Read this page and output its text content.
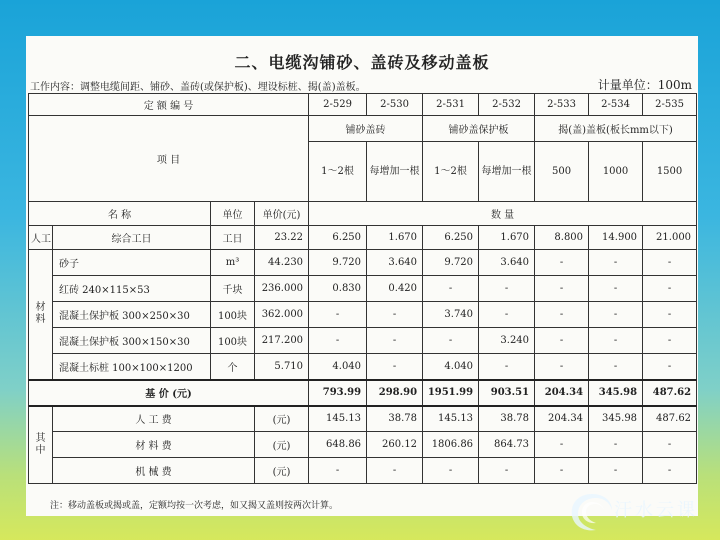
二、电缆沟铺砂、盖砖及移动盖板
工作内容：调整电缆间距、铺砂、盖砖(或保护板)、埋设标桩、揭(盖)盖板。	计量单位：100m
定 额 编 号				2-529	2-530	2-531	2-532	2-533	2-534	2-535
项 目				铺砂盖砖		铺砂盖保护板		揭(盖)盖板(板长mm以下)		
				1～2根	每增加一根	1～2根	每增加一根	500	1000	1500
名 称		单位	单价(元)	数 量						
人工	综合工日	工日	23.22	6.250	1.670	6.250	1.670	8.800	14.900	21.000
材料	砂子	m³	44.230	9.720	3.640	9.720	3.640	-	-	-
	红砖 240×115×53	千块	236.000	0.830	0.420	-	-	-	-	-
	混凝土保护板 300×250×30	100块	362.000	-	-	3.740	-	-	-	-
	混凝土保护板 300×150×30	100块	217.200	-	-	-	3.240	-	-	-
	混凝土标桩 100×100×1200	个	5.710	4.040	-	4.040	-	-	-	-
基 价 (元)				793.99	298.90	1951.99	903.51	204.34	345.98	487.62
其中	人 工 费		(元)	145.13	38.78	145.13	38.78	204.34	345.98	487.62
	材 料 费		(元)	648.86	260.12	1806.86	864.73	-	-	-
	机 械 费		(元)	-	-	-	-	-	-	-
注：移动盖板或揭或盖，定额均按一次考虑，如又揭又盖则按两次计算。	汗水云课
